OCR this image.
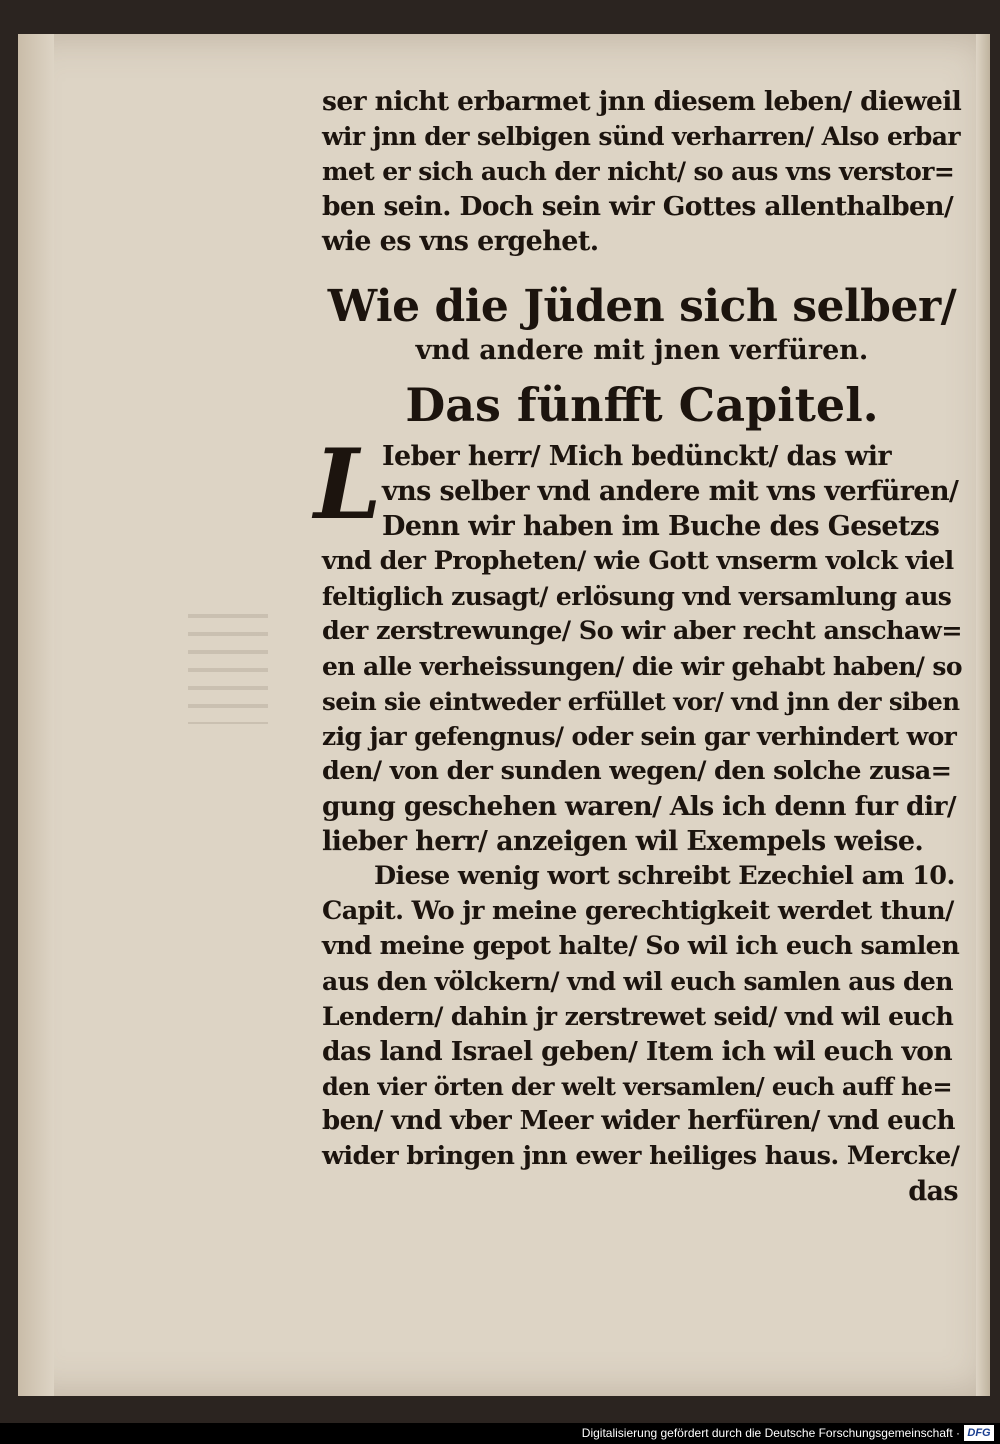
ser nicht erbarmet jnn diesem leben/ dieweil
wir jnn der selbigen sünd verharren/ Also erbar
met er sich auch der nicht/ so aus vns verstor=
ben sein. Doch sein wir Gottes allenthalben/
wie es vns ergehet.
Wie die Jüden sich selber/
vnd andere mit jnen verfüren.
Das fünfft Capitel.
L Ieber herr/ Mich bedünckt/ das wir
vns selber vnd andere mit vns verfüren/
Denn wir haben im Buche des Gesetzs
vnd der Propheten/ wie Gott vnserm volck viel
feltiglich zusagt/ erlösung vnd versamlung aus
der zerstrewunge/ So wir aber recht anschaw=
en alle verheissungen/ die wir gehabt haben/ so
sein sie eintweder erfüllet vor/ vnd jnn der siben
zig jar gefengnus/ oder sein gar verhindert wor
den/ von der sunden wegen/ den solche zusa=
gung geschehen waren/ Als ich denn fur dir/
lieber herr/ anzeigen wil Exempels weise.
Diese wenig wort schreibt Ezechiel am 10.
Capit. Wo jr meine gerechtigkeit werdet thun/
vnd meine gepot halte/ So wil ich euch samlen
aus den völckern/ vnd wil euch samlen aus den
Lendern/ dahin jr zerstrewet seid/ vnd wil euch
das land Israel geben/ Item ich wil euch von
den vier örten der welt versamlen/ euch auff he=
ben/ vnd vber Meer wider herfüren/ vnd euch
wider bringen jnn ewer heiliges haus. Mercke/
das
Digitalisierung gefördert durch die Deutsche Forschungsgemeinschaft · DFG
